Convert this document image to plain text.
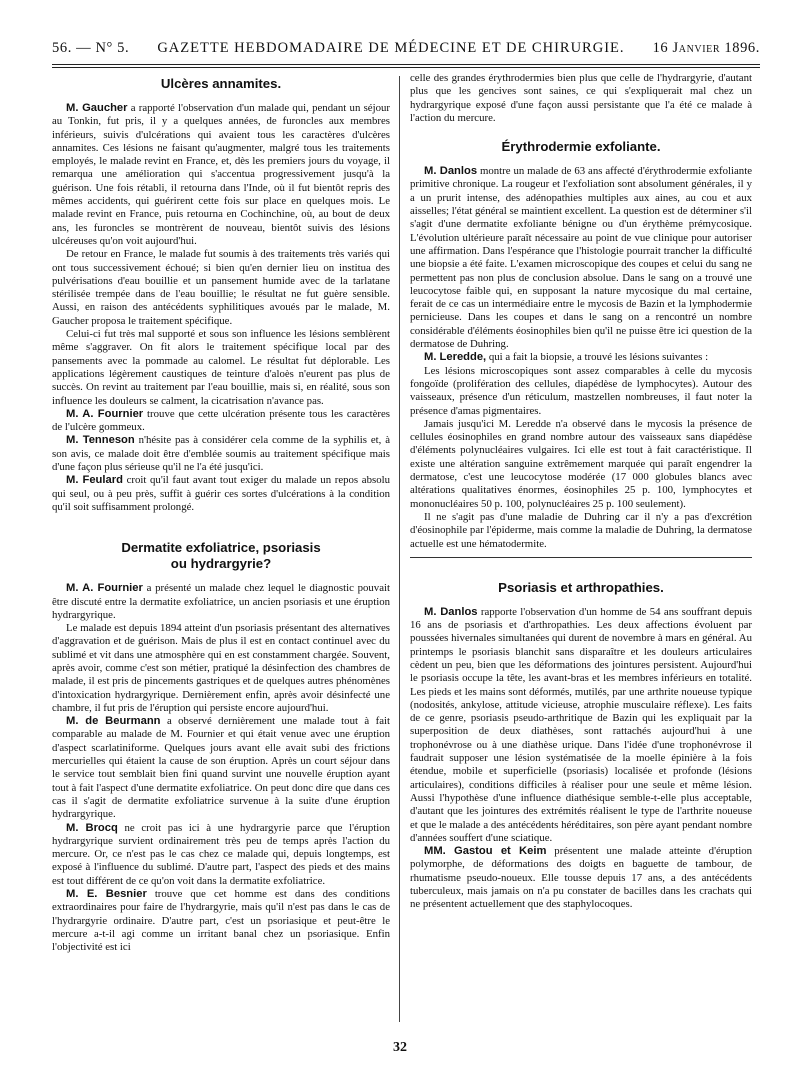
56. — N° 5.	GAZETTE HEBDOMADAIRE DE MÉDECINE ET DE CHIRURGIE.	16 Janvier 1896.
Ulcères annamites.

M. Gaucher a rapporté l'observation d'un malade qui, pendant un séjour au Tonkin, fut pris, il y a quelques années, de furoncles aux membres inférieurs, suivis d'ulcérations qui avaient tous les caractères d'ulcères annamites. Ces lésions ne faisant qu'augmenter, malgré tous les traitements employés, le malade revint en France, et, dès les premiers jours du voyage, il remarqua une amélioration qui s'accentua progressivement jusqu'à la guérison. Une fois rétabli, il retourna dans l'Inde, où il fut bientôt repris des mêmes accidents, qui guérirent cette fois sur place en quelques mois. Le malade revint en France, puis retourna en Cochinchine, où, au bout de deux ans, les furoncles se montrèrent de nouveau, bientôt suivis des lésions ulcéreuses qu'on voit aujourd'hui.

De retour en France, le malade fut soumis à des traitements très variés qui ont tous successivement échoué; si bien qu'en dernier lieu on institua des pulvérisations d'eau bouillie et un pansement humide avec de la tarlatane stérilisée trempée dans de l'eau bouillie; le résultat ne fut guère sensible. Aussi, en raison des antécédents syphilitiques avoués par le malade, M. Gaucher proposa le traitement spécifique.

Celui-ci fut très mal supporté et sous son influence les lésions semblèrent même s'aggraver. On fit alors le traitement spécifique local par des pansements avec la pommade au calomel. Le résultat fut déplorable. Les applications légèrement caustiques de teinture d'aloès n'eurent pas plus de succès. On revint au traitement par l'eau bouillie, mais si, en réalité, sous son influence les douleurs se calment, la cicatrisation n'avance pas.

M. A. Fournier trouve que cette ulcération présente tous les caractères de l'ulcère gommeux.

M. Tenneson n'hésite pas à considérer cela comme de la syphilis et, à son avis, ce malade doit être d'emblée soumis au traitement spécifique mais d'une façon plus sérieuse qu'il ne l'a été jusqu'ici.

M. Feulard croit qu'il faut avant tout exiger du malade un repos absolu qui seul, ou à peu près, suffit à guérir ces sortes d'ulcérations à la condition qu'il soit suffisamment prolongé.

Dermatite exfoliatrice, psoriasis
ou hydrargyrie?

M. A. Fournier a présenté un malade chez lequel le diagnostic pouvait être discuté entre la dermatite exfoliatrice, un ancien psoriasis et une éruption hydrargyrique.

Le malade est depuis 1894 atteint d'un psoriasis présentant des alternatives d'aggravation et de guérison. Mais de plus il est en contact continuel avec du sublimé et vit dans une atmosphère qui en est constamment chargée. Souvent, après avoir, comme c'est son métier, pratiqué la désinfection des chambres de malade, il est pris de pincements gastriques et de quelques autres phénomènes d'intoxication hydrargyrique. Dernièrement enfin, après avoir désinfecté une chambre, il fut pris de l'éruption qui persiste encore aujourd'hui.

M. de Beurmann a observé dernièrement une malade tout à fait comparable au malade de M. Fournier et qui était venue avec une éruption d'aspect scarlatiniforme. Quelques jours avant elle avait subi des frictions mercurielles qui étaient la cause de son éruption. Après un court séjour dans le service tout semblait bien fini quand survint une nouvelle éruption ayant tout à fait l'aspect d'une dermatite exfoliatrice. On peut donc dire que dans ces cas il s'agit de dermatite exfoliatrice survenue à la suite d'une éruption hydrargyrique.

M. Brocq ne croit pas ici à une hydrargyrie parce que l'éruption hydrargyrique survient ordinairement très peu de temps après l'action du mercure. Or, ce n'est pas le cas chez ce malade qui, depuis longtemps, est exposé à l'influence du sublimé. D'autre part, l'aspect des pieds et des mains est tout différent de ce qu'on voit dans la dermatite exfoliatrice.

M. E. Besnier trouve que cet homme est dans des conditions extraordinaires pour faire de l'hydrargyrie, mais qu'il n'est pas dans le cas de l'hydrargyrie ordinaire. D'autre part, c'est un psoriasique et peut-être le mercure a-t-il agi comme un irritant banal chez un psoriasique. Enfin l'objectivité est ici

celle des grandes érythrodermies bien plus que celle de l'hydrargyrie, d'autant plus que les gencives sont saines, ce qui s'expliquerait mal chez un hydrargyrique exposé d'une façon aussi persistante que l'a été ce malade à l'action du mercure.

Érythrodermie exfoliante.

M. Danlos montre un malade de 63 ans affecté d'érythrodermie exfoliante primitive chronique. La rougeur et l'exfoliation sont absolument générales, il y a un prurit intense, des adénopathies multiples aux aines, au cou et aux aisselles; l'état général se maintient excellent. La question est de déterminer s'il s'agit d'une dermatite exfoliante bénigne ou d'un érythème prémycosique. L'évolution ultérieure paraît nécessaire au point de vue clinique pour autoriser une affirmation. Dans l'espérance que l'histologie pourrait trancher la difficulté une biopsie a été faite. L'examen microscopique des coupes et celui du sang ne permettent pas non plus de conclusion absolue. Dans le sang on a trouvé une leucocytose faible qui, en supposant la nature mycosique du mal certaine, ferait de ce cas un intermédiaire entre le mycosis de Bazin et la lymphodermie pernicieuse. Dans les coupes et dans le sang on a rencontré un nombre considérable d'éléments éosinophiles bien qu'il ne puisse être ici question de la dermatose de Duhring.

M. Leredde, qui a fait la biopsie, a trouvé les lésions suivantes :

Les lésions microscopiques sont assez comparables à celle du mycosis fongoïde (prolifération des cellules, diapédèse de lymphocytes). Autour des vaisseaux, présence d'un réticulum, mastzellen nombreuses, il faut noter la présence d'amas pigmentaires.

Jamais jusqu'ici M. Leredde n'a observé dans le mycosis la présence de cellules éosinophiles en grand nombre autour des vaisseaux sans diapédèse d'éléments polynucléaires vulgaires. Ici elle est tout à fait caractéristique. Il existe une altération sanguine extrêmement marquée qui paraît engendrer la dermatose, c'est une leucocytose modérée (17 000 globules blancs avec altérations qualitatives énormes, éosinophiles 25 p. 100, lymphocytes et mononucléaires 50 p. 100, polynucléaires 25 p. 100 seulement).

Il ne s'agit pas d'une maladie de Duhring car il n'y a pas d'excrétion d'éosinophile par l'épiderme, mais comme la maladie de Duhring, la dermatose actuelle est une hématodermite.

Psoriasis et arthropathies.

M. Danlos rapporte l'observation d'un homme de 54 ans souffrant depuis 16 ans de psoriasis et d'arthropathies. Les deux affections évoluent par poussées hivernales simultanées qui durent de novembre à mars en général. Au printemps le psoriasis blanchit sans disparaître et les douleurs articulaires cèdent un peu, bien que les déformations des jointures persistent. Aujourd'hui le psoriasis occupe la tête, les avant-bras et les membres inférieurs en totalité. Les pieds et les mains sont déformés, mutilés, par une arthrite noueuse typique (nodosités, ankylose, attitude vicieuse, atrophie musculaire réflexe). Les faits de ce genre, psoriasis pseudo-arthritique de Bazin qui les expliquait par la superposition de deux diathèses, sont rattachés aujourd'hui à une trophonévrose ou à une diathèse urique. Dans l'idée d'une trophonévrose il faudrait supposer une lésion systématisée de la moelle épinière à la fois étendue, mobile et superficielle (psoriasis) localisée et profonde (lésions articulaires), conditions difficiles à réaliser pour une seule et même lésion. Aussi l'hypothèse d'une influence diathésique semble-t-elle plus acceptable, d'autant que les jointures des extrémités réalisent le type de l'arthrite noueuse et que le malade a des antécédents héréditaires, son père ayant pendant nombre d'années souffert d'une sciatique.

MM. Gastou et Keim présentent une malade atteinte d'éruption polymorphe, de déformations des doigts en baguette de tambour, de rhumatisme pseudo-noueux. Elle tousse depuis 17 ans, a des antécédents tuberculeux, mais jamais on n'a pu constater de bacilles dans les crachats qui ne présentent actuellement que des staphylocoques.

32
